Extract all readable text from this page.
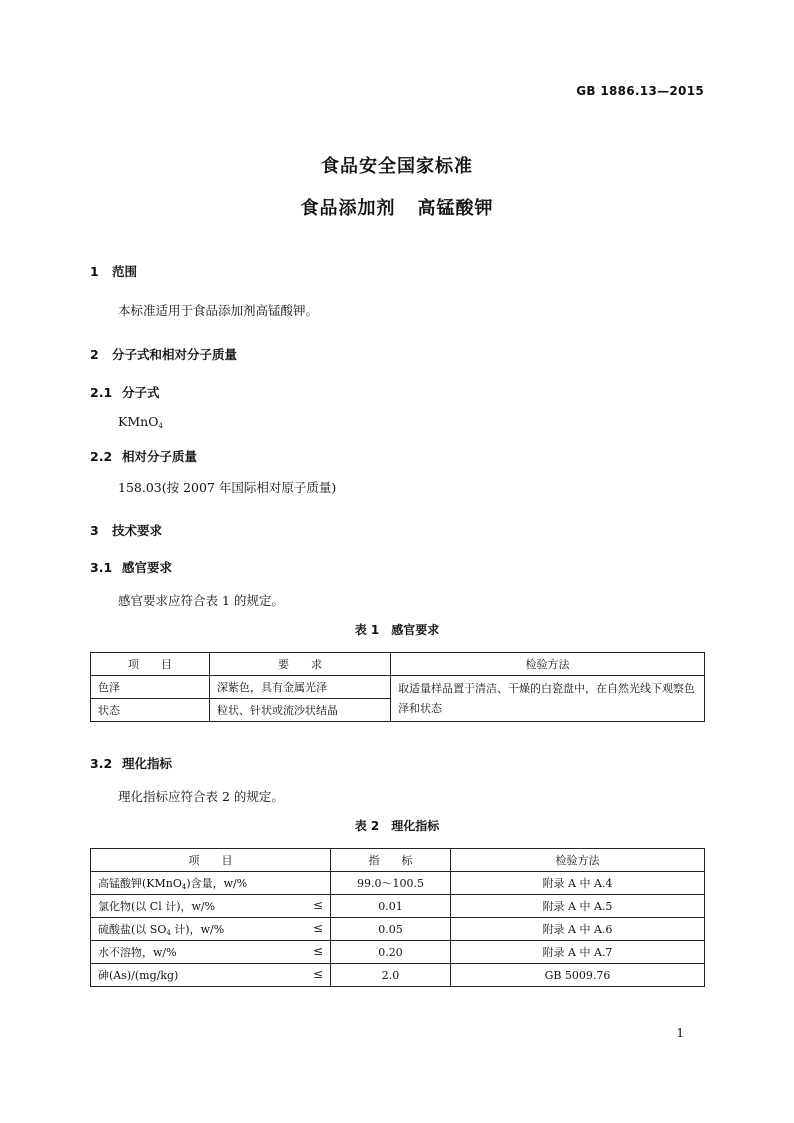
GB 1886.13—2015
食品安全国家标准
食品添加剂 高锰酸钾
1 范围
本标准适用于食品添加剂高锰酸钾。
2 分子式和相对分子质量
2.1 分子式
KMnO$_4$
2.2 相对分子质量
158.03(按 2007 年国际相对原子质量)
3 技术要求
3.1 感官要求
感官要求应符合表 1 的规定。
表 1　感官要求
项　　目	要　　求	检验方法
色泽	深紫色，具有金属光泽	取适量样品置于清洁、干燥的白瓷盘中，在自然光线下观察色泽和状态
状态	粒状、针状或流沙状结晶	
3.2 理化指标
理化指标应符合表 2 的规定。
表 2　理化指标
项　　目	指　　标	检验方法
高锰酸钾(KMnO$_4$)含量，w/%	99.0～100.5	附录 A 中 A.4
氯化物(以 Cl 计)，w/% ≤	0.01	附录 A 中 A.5
硫酸盐(以 $SO_4$ 计)，w/% ≤	0.05	附录 A 中 A.6
水不溶物，w/% ≤	0.20	附录 A 中 A.7
砷(As)/(mg/kg) ≤	2.0	GB 5009.76
1
